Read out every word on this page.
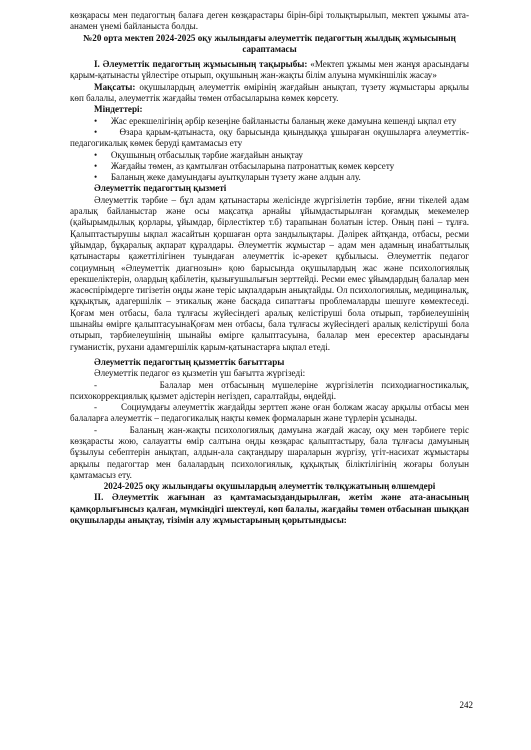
көзқарасы мен педагогтың балаға деген көзқарастары бірін-бірі толықтырылып, мектеп ұжымы ата-анамен үнемі байланыста болды.

№20 орта мектеп 2024-2025 оқу жылындағы әлеуметтік педагогтың жылдық жұмысының сараптамасы

I. Әлеуметтік педагогтың жұмысының тақырыбы: «Мектеп ұжымы мен жанұя арасындағы қарым-қатынасты үйлестіре отырып, оқушының жан-жақты білім алуына мүмкіншілік жасау»

Мақсаты: оқушылардың әлеуметтік өмірінің жағдайын анықтап, түзету жұмыстары арқылы көп балалы, әлеуметтік жағдайы төмен отбасыларына көмек көрсету.

Міндеттері:

• Жас ерекшелігінің әрбір кезеңіне байланысты баланың жеке дамуына кешенді ықпал ету

• Өзара қарым-қатынаста, оқу барысында қиындыққа ұшыраған оқушыларға әлеуметтік-педагогикалық көмек беруді қамтамасыз ету

• Оқушының отбасылық тәрбие жағдайын анықтау

• Жағдайы төмен, аз қамтылған отбасыларына патронаттық көмек көрсету

• Баланың жеке дамуындағы ауытқуларын түзету және алдын алу.

Әлеуметтік педагогтың қызметі

Әлеуметтік тәрбие – бұл адам қатынастары желісінде жүргізілетін тәрбие, яғни тікелей адам аралық байланыстар және осы мақсатқа арнайы ұйымдастырылған қоғамдық мекемелер (қайырымдылық қорлары, ұйымдар, бірлестіктер т.б) тарапынан болатын істер. Оның пәні – тұлға. Қалыптастырушы ықпал жасайтын қоршаған орта зандылықтары. Дәлірек айтқанда, отбасы, ресми ұйымдар, бұқаралық ақпарат құралдары. Әлеуметтік жұмыстар – адам мен адамның инабаттылық қатынастары қажеттілігінен туындаған әлеуметтік іс-әрекет құбылысы. Әлеуметтік педагог социумның «Әлеуметтік диагнозын» қою барысында оқушылардың жас және психологиялық ерекшеліктерін, олардың қабілетін, қызығушылығын зерттейді. Ресми емес ұйымдардың балалар мен жасөспірімдерге тигізетін оңды және теріс ықпалдарын анықтайды. Ол психологиялық, медициналық, құқықтық, адагершілік – этикалық және басқада сипаттағы проблемаларды шешуге көмектеседі. Қоғам мен отбасы, бала тұлғасы жүйесіндегі аралық келістіруші бола отырып, тәрбиелеушінің шынайы өмірге қалыптасуынаҚоғам мен отбасы, бала тұлғасы жүйесіндегі аралық келістіруші бола отырып, тәрбиелеушінің шынайы өмірге қалыптасуына, балалар мен ересектер арасындағы гуманистік, рухани адамгершілік қарым-қатынастарға ықпал етеді.

Әлеуметтік педагогтың қызметтік бағыттары

Әлеуметтік педагог өз қызметін үш бағытта жүргізеді:

-	Балалар мен отбасының мүшелеріне жүргізілетін психодиагностикалық, психокоррекциялық қызмет әдістерін негіздеп, саралтайды, өңдейді.

-	Социумдағы әлеуметтік жағдайды зерттеп және оған болжам жасау арқылы отбасы мен балаларға әлеуметтік – педагогикалық нақты көмек формаларын және түрлерін ұсынады.

-	Баланың жан-жақты психологиялық дамуына жағдай жасау, оқу мен тәрбиеге теріс көзқарасты жою, салауатты өмір салтына оңды көзқарас қалыптастыру, бала тұлғасы дамуының бұзылуы себептерін анықтап, алдын-ала сақтандыру шараларын жүргізу, үгіт-насихат жұмыстары арқылы педагогтар мен балалардың психологиялық, құқықтық біліктілігінің жоғары болуын қамтамасыз ету.

2024-2025 оқу жылындағы оқушылардың әлеуметтік төлқұжатының өлшемдері

II. Әлеуметтік жағынан аз қамтамасыздандырылған, жетім және ата-анасының қамқорлығынсыз қалған, мүмкіндігі шектеулі, көп балалы, жағдайы төмен отбасынан шыққан оқушыларды анықтау, тізімін алу жұмыстарының қорытындысы:

242
